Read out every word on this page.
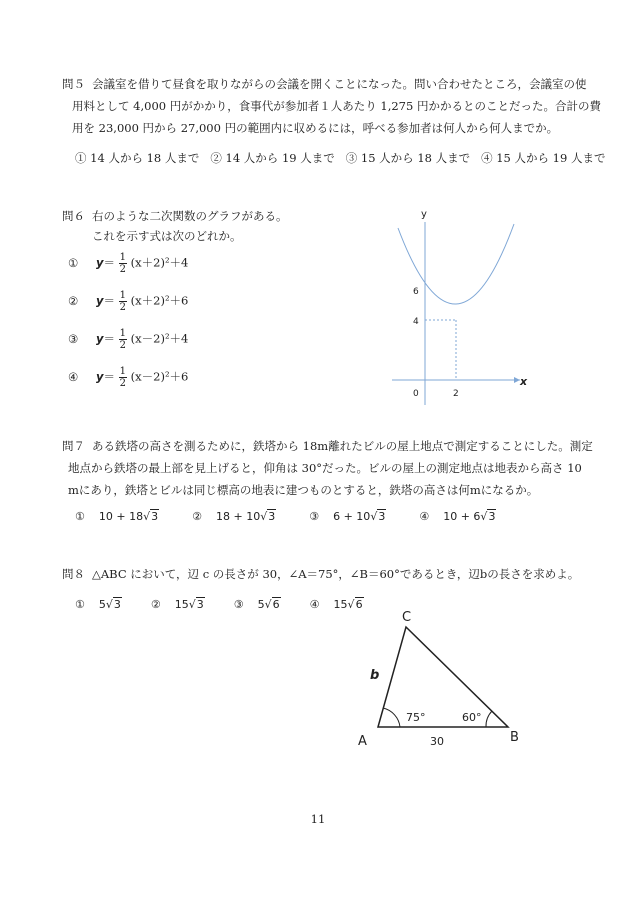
問５ 会議室を借りて昼食を取りながらの会議を開くことになった。問い合わせたところ，会議室の使
用料として 4,000 円がかかり，食事代が参加者１人あたり 1,275 円かかるとのことだった。合計の費
用を 23,000 円から 27,000 円の範囲内に収めるには，呼べる参加者は何人から何人までか。
① 14 人から 18 人まで ② 14 人から 19 人まで ③ 15 人から 18 人まで ④ 15 人から 19 人まで
問６ 右のような二次関数のグラフがある。
これを示す式は次のどれか。
① $y= \frac{1}{2} (x+2)^2+4$
② $y= \frac{1}{2} (x+2)^2+6$
③ $y= \frac{1}{2} (x-2)^2+4$
④ $y= \frac{1}{2} (x-2)^2+6$
y
x
0	2
6
4
問７ ある鉄塔の高さを測るために，鉄塔から 18m離れたビルの屋上地点で測定することにした。測定
地点から鉄塔の最上部を見上げると，仰角は 30°だった。ビルの屋上の測定地点は地表から高さ 10
mにあり，鉄塔とビルは同じ標高の地表に建つものとすると，鉄塔の高さは何mになるか。
① 10 + 18√3	② 18 + 10√3	③ 6 + 10√3	④ 10 + 6√3
問８ △ABC において，辺 c の長さが 30，∠A＝75°，∠B＝60°であるとき，辺bの長さを求めよ。
① 5√3	② 15√3	③ 5√6	④ 15√6
A	B
C
b
30
75°	60°
11
